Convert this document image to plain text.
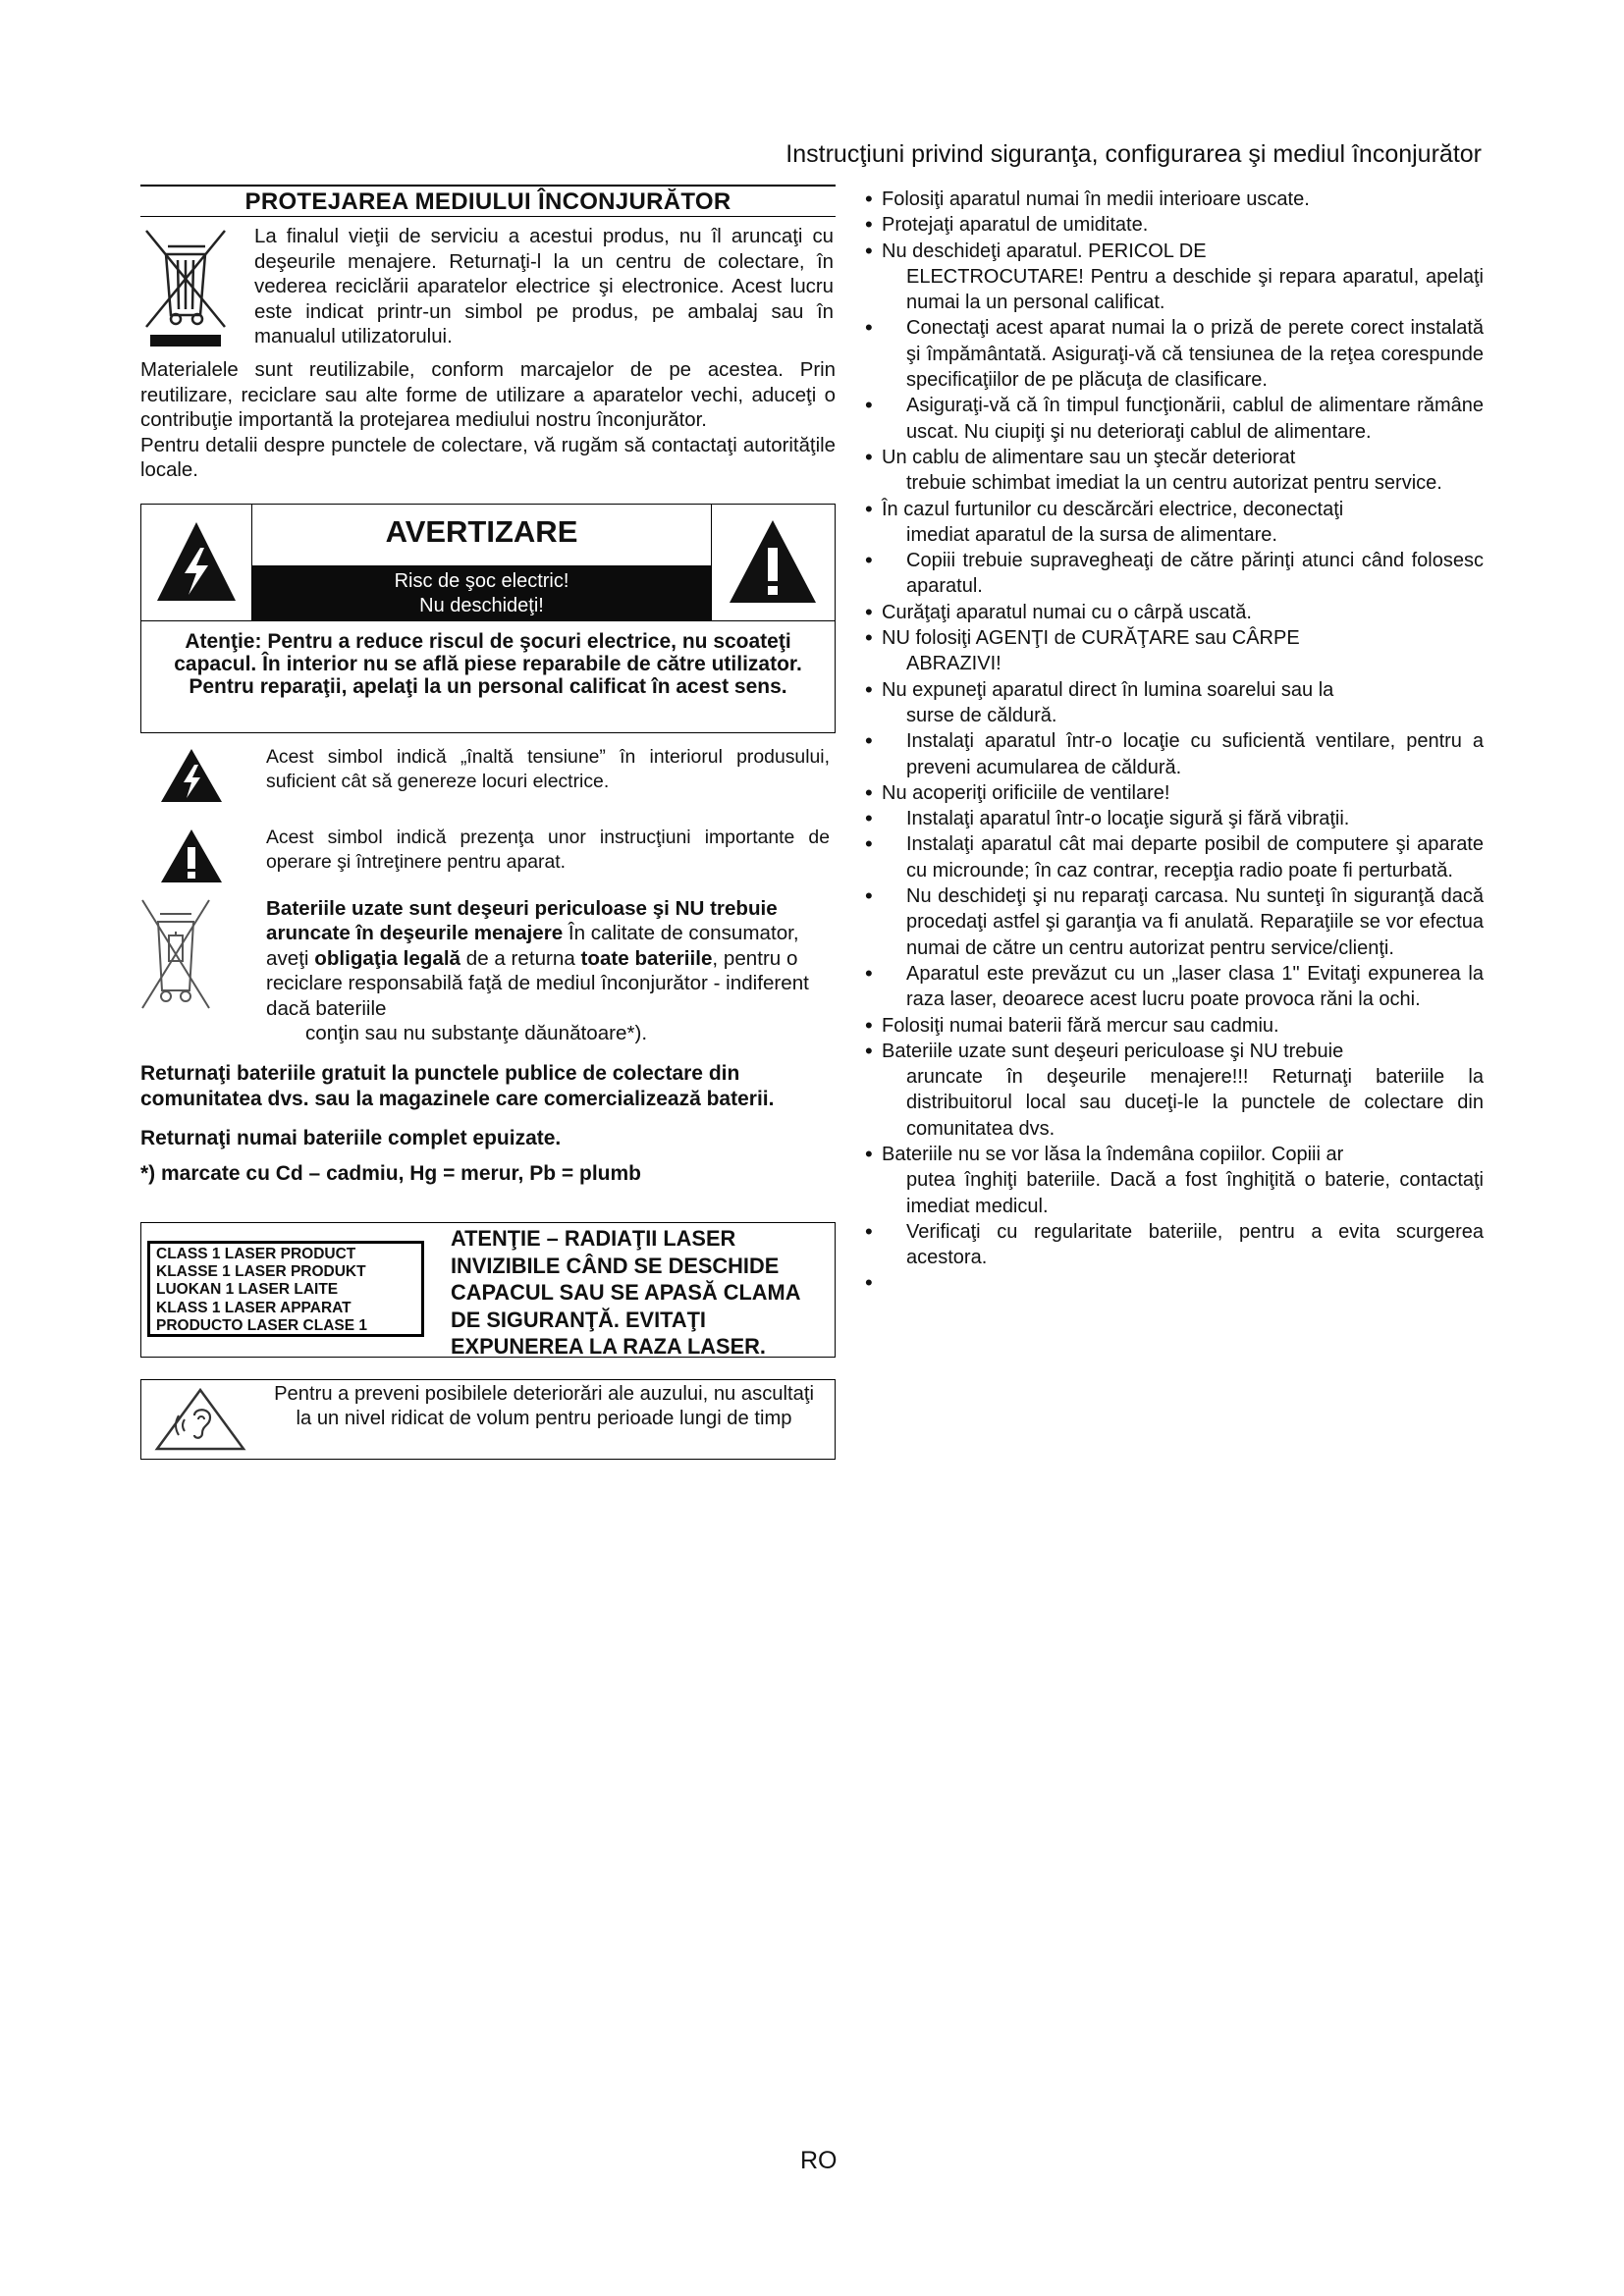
Instrucţiuni privind siguranţa, configurarea şi mediul înconjurător
PROTEJAREA MEDIULUI ÎNCONJURĂTOR
La finalul vieţii de serviciu a acestui produs, nu îl aruncaţi cu deşeurile menajere. Returnaţi-l la un centru de colectare, în vederea reciclării aparatelor electrice şi electronice. Acest lucru este indicat printr-un simbol pe produs, pe ambalaj sau în manualul utilizatorului.
Materialele sunt reutilizabile, conform marcajelor de pe acestea. Prin reutilizare, reciclare sau alte forme de utilizare a aparatelor vechi, aduceţi o contribuţie importantă la protejarea mediului nostru înconjurător.
Pentru detalii despre punctele de colectare, vă rugăm să contactaţi autorităţile locale.
AVERTIZARE
Risc de şoc electric!
Nu deschideţi!
Atenţie: Pentru a reduce riscul de şocuri electrice, nu scoateţi capacul. În interior nu se află piese reparabile de către utilizator. Pentru reparaţii, apelaţi la un personal calificat în acest sens.
Acest simbol indică „înaltă tensiune” în interiorul produsului, suficient cât să genereze locuri electrice.
Acest simbol indică prezenţa unor instrucţiuni importante de operare şi întreţinere pentru aparat.
Bateriile uzate sunt deşeuri periculoase şi NU trebuie aruncate în deşeurile menajere În calitate de consumator, aveţi obligaţia legală de a returna toate bateriile, pentru o reciclare responsabilă faţă de mediul înconjurător - indiferent dacă bateriile
conţin sau nu substanţe dăunătoare*).
Returnaţi bateriile gratuit la punctele publice de colectare din comunitatea dvs. sau la magazinele care comercializează baterii.
Returnaţi numai bateriile complet epuizate.
*) marcate cu Cd – cadmiu, Hg = merur, Pb = plumb
CLASS 1 LASER PRODUCT
KLASSE 1 LASER PRODUKT
LUOKAN 1 LASER LAITE
KLASS 1 LASER APPARAT
PRODUCTO LASER CLASE 1
ATENŢIE – RADIAŢII LASER INVIZIBILE CÂND SE DESCHIDE CAPACUL SAU SE APASĂ CLAMA DE SIGURANŢĂ. EVITAŢI EXPUNEREA LA RAZA LASER.
Pentru a preveni posibilele deteriorări ale auzului, nu ascultaţi la un nivel ridicat de volum pentru perioade lungi de timp
• Folosiţi aparatul numai în medii interioare uscate.
• Protejaţi aparatul de umiditate.
• Nu deschideţi aparatul. PERICOL DE
ELECTROCUTARE! Pentru a deschide şi repara aparatul, apelaţi numai la un personal calificat.
•	Conectaţi acest aparat numai la o priză de perete corect instalată şi împământată. Asiguraţi-vă că tensiunea de la reţea corespunde specificaţiilor de pe plăcuţa de clasificare.
•	Asiguraţi-vă că în timpul funcţionării, cablul de alimentare rămâne uscat. Nu ciupiţi şi nu deterioraţi cablul de alimentare.
• Un cablu de alimentare sau un ştecăr deteriorat
trebuie schimbat imediat la un centru autorizat pentru service.
• În cazul furtunilor cu descărcări electrice, deconectaţi
imediat aparatul de la sursa de alimentare.
•	Copiii trebuie supravegheaţi de către părinţi atunci când folosesc aparatul.
• Curăţaţi aparatul numai cu o cârpă uscată.
• NU folosiţi AGENŢI de CURĂŢARE sau CÂRPE
ABRAZIVI!
• Nu expuneţi aparatul direct în lumina soarelui sau la
surse de căldură.
•	Instalaţi aparatul într-o locaţie cu suficientă ventilare, pentru a preveni acumularea de căldură.
• Nu acoperiţi orificiile de ventilare!
•	Instalaţi aparatul într-o locaţie sigură şi fără vibraţii.
•	Instalaţi aparatul cât mai departe posibil de computere şi aparate cu microunde; în caz contrar, recepţia radio poate fi perturbată.
•	Nu deschideţi şi nu reparaţi carcasa. Nu sunteţi în siguranţă dacă procedaţi astfel şi garanţia va fi anulată. Reparaţiile se vor efectua numai de către un centru autorizat pentru service/clienţi.
•	Aparatul este prevăzut cu un „laser clasa 1" Evitaţi expunerea la raza laser, deoarece acest lucru poate provoca răni la ochi.
• Folosiţi numai baterii fără mercur sau cadmiu.
• Bateriile uzate sunt deşeuri periculoase şi NU trebuie
aruncate în deşeurile menajere!!! Returnaţi bateriile la distribuitorul local sau duceţi-le la punctele de colectare din comunitatea dvs.
• Bateriile nu se vor lăsa la îndemâna copiilor. Copiii ar
putea înghiţi bateriile. Dacă a fost înghiţită o baterie, contactaţi imediat medicul.
•	Verificaţi cu regularitate bateriile, pentru a evita scurgerea acestora.
•

RO
